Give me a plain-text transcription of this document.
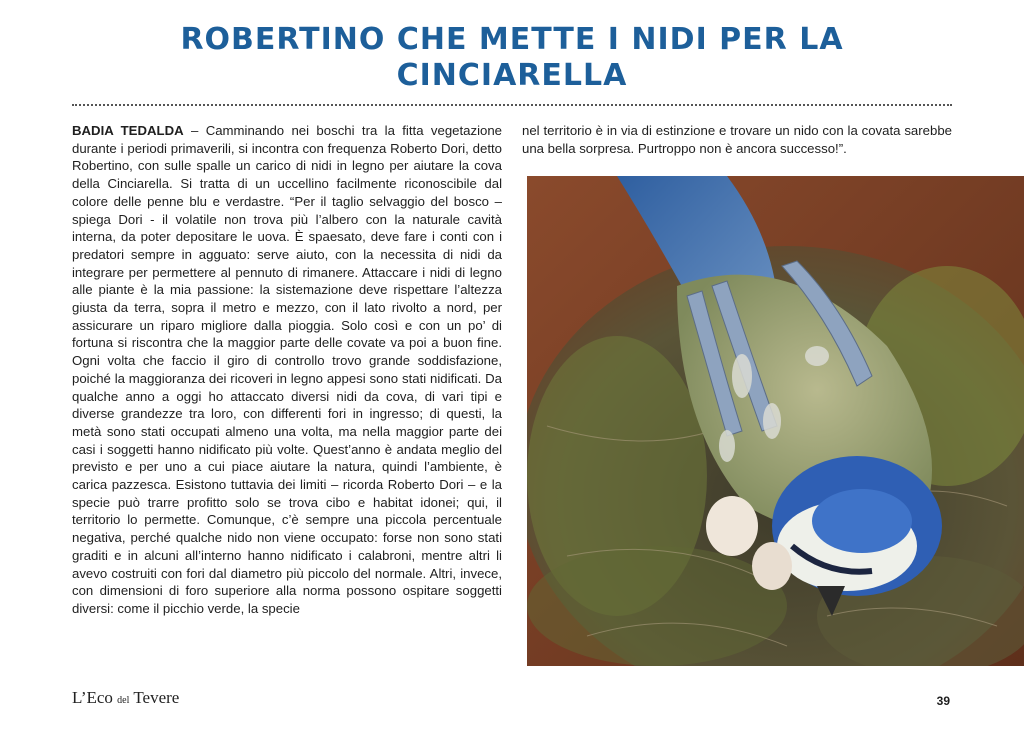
ROBERTINO CHE METTE I NIDI PER LA
CINCIARELLA

BADIA TEDALDA – Camminando nei boschi tra la fitta vegetazione durante i periodi primaverili, si incontra con frequenza Roberto Dori, detto Robertino, con sulle spalle un carico di nidi in legno per aiutare la cova della Cinciarella. Si tratta di un uccellino facilmente riconoscibile dal colore delle penne blu e verdastre. “Per il taglio selvaggio del bosco – spiega Dori - il volatile non trova più l’albero con la naturale cavità interna, da poter depositare le uova. È spaesato, deve fare i conti con i predatori sempre in agguato: serve aiuto, con la necessita di nidi da integrare per permettere al pennuto di rimanere. Attaccare i nidi di legno alle piante è la mia passione: la sistemazione deve rispettare l’altezza giusta da terra, sopra il metro e mezzo, con il lato rivolto a nord, per assicurare un riparo migliore dalla pioggia. Solo così e con un po’ di fortuna si riscontra che la maggior parte delle covate va poi a buon fine. Ogni volta che faccio il giro di controllo trovo grande soddisfazione, poiché la maggioranza dei ricoveri in legno appesi sono stati nidificati. Da qualche anno a oggi ho attaccato diversi nidi da cova, di vari tipi e diverse grandezze tra loro, con differenti fori in ingresso; di questi, la metà sono stati occupati almeno una volta, ma nella maggior parte dei casi i soggetti hanno nidificato più volte. Quest’anno è andata meglio del previsto e per uno a cui piace aiutare la natura, quindi l’ambiente, è carica pazzesca. Esistono tuttavia dei limiti – ricorda Roberto Dori – e la specie può trarre profitto solo se trova cibo e habitat idonei; qui, il territorio lo permette. Comunque, c’è sempre una piccola percentuale negativa, perché qualche nido non viene occupato: forse non sono stati graditi e in alcuni all’interno hanno nidificato i calabroni, mentre altri li avevo costruiti con fori dal diametro più piccolo del normale. Altri, invece, con dimensioni di foro superiore alla norma possono ospitare soggetti diversi: come il picchio verde, la specie

nel territorio è in via di estinzione e trovare un nido con la covata sarebbe una bella sorpresa. Purtroppo non è ancora successo!”.

L’Eco del Tevere	39
